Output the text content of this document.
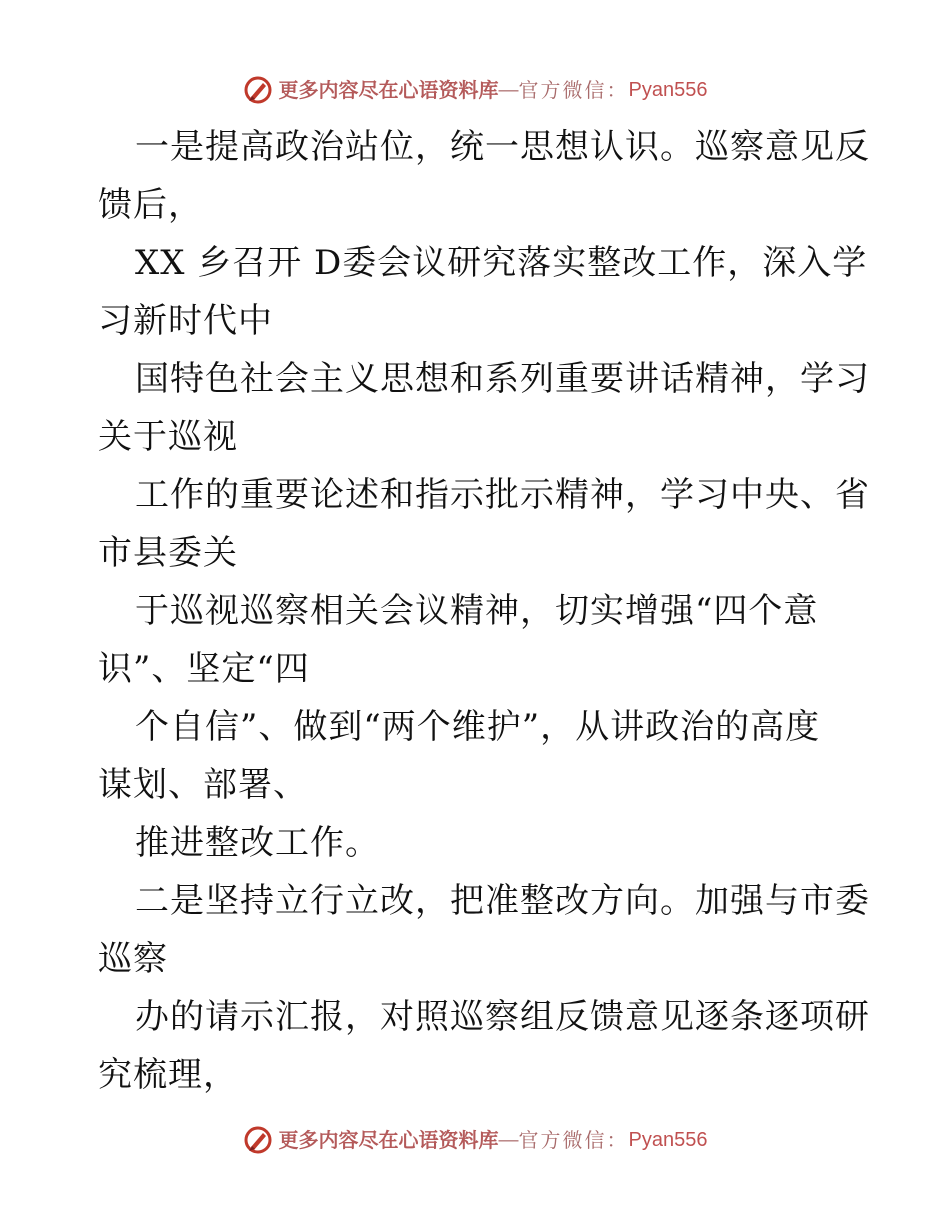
更多内容尽在心语资料库 — 官方微信： Pyan556
一是提高政治站位，统一思想认识。巡察意见反
馈后，
XX 乡召开 D委会议研究落实整改工作，深入学
习新时代中
国特色社会主义思想和系列重要讲话精神，学习
关于巡视
工作的重要论述和指示批示精神，学习中央、省
市县委关
于巡视巡察相关会议精神，切实增强“四个意
识”、坚定“四
个自信”、做到“两个维护”，从讲政治的高度
谋划、部署、
推进整改工作。
二是坚持立行立改，把准整改方向。加强与市委
巡察
办的请示汇报，对照巡察组反馈意见逐条逐项研
究梳理，
更多内容尽在心语资料库 — 官方微信： Pyan556
